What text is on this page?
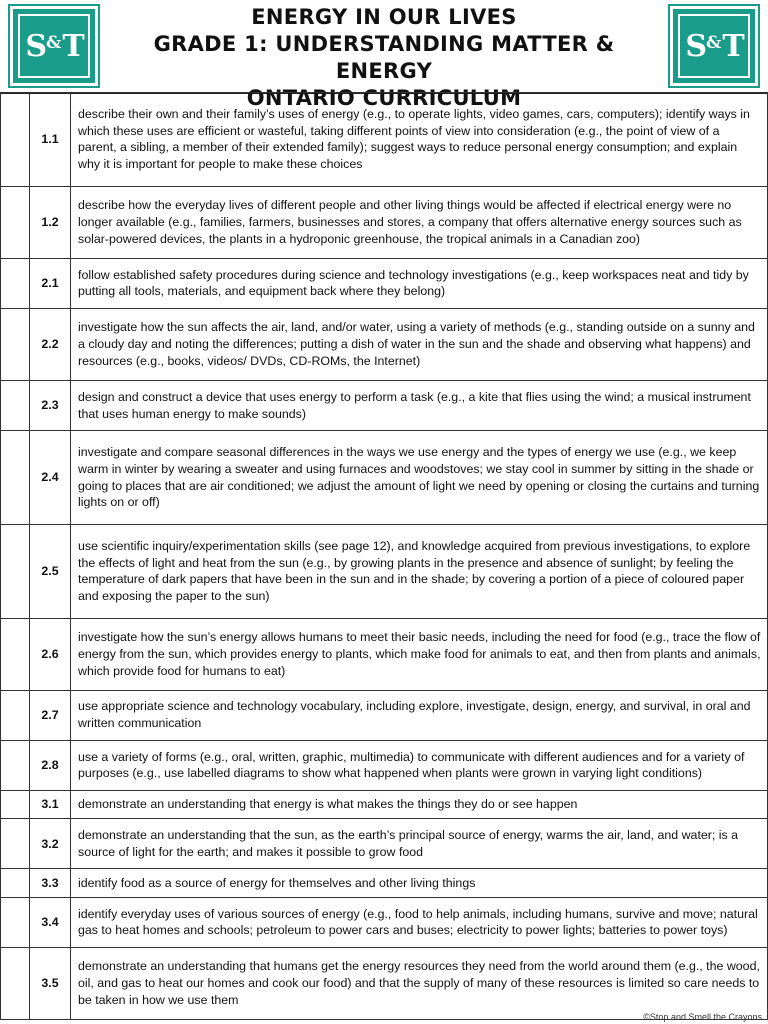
S & T
ENERGY IN OUR LIVES
GRADE 1: UNDERSTANDING MATTER & ENERGY
ONTARIO CURRICULUM
S & T
	1.1	describe their own and their family’s uses of energy (e.g., to operate lights, video games, cars, computers); identify ways in which these uses are efficient or wasteful, taking different points of view into consideration (e.g., the point of view of a parent, a sibling, a member of their extended family); suggest ways to reduce personal energy consumption; and explain why it is important for people to make these choices
	1.2	describe how the everyday lives of different people and other living things would be affected if electrical energy were no longer available (e.g., families, farmers, businesses and stores, a company that offers alternative energy sources such as solar-powered devices, the plants in a hydroponic greenhouse, the tropical animals in a Canadian zoo)
	2.1	follow established safety procedures during science and technology investigations (e.g., keep workspaces neat and tidy by putting all tools, materials, and equipment back where they belong)
	2.2	investigate how the sun affects the air, land, and/or water, using a variety of methods (e.g., standing outside on a sunny and a cloudy day and noting the differences; putting a dish of water in the sun and the shade and observing what happens) and resources (e.g., books, videos/ DVDs, CD-ROMs, the Internet)
	2.3	design and construct a device that uses energy to perform a task (e.g., a kite that flies using the wind; a musical instrument that uses human energy to make sounds)
	2.4	investigate and compare seasonal differences in the ways we use energy and the types of energy we use (e.g., we keep warm in winter by wearing a sweater and using furnaces and woodstoves; we stay cool in summer by sitting in the shade or going to places that are air conditioned; we adjust the amount of light we need by opening or closing the curtains and turning lights on or off)
	2.5	use scientific inquiry/experimentation skills (see page 12), and knowledge acquired from previous investigations, to explore the effects of light and heat from the sun (e.g., by growing plants in the presence and absence of sunlight; by feeling the temperature of dark papers that have been in the sun and in the shade; by covering a portion of a piece of coloured paper and exposing the paper to the sun)
	2.6	investigate how the sun’s energy allows humans to meet their basic needs, including the need for food (e.g., trace the flow of energy from the sun, which provides energy to plants, which make food for animals to eat, and then from plants and animals, which provide food for humans to eat)
	2.7	use appropriate science and technology vocabulary, including explore, investigate, design, energy, and survival, in oral and written communication
	2.8	use a variety of forms (e.g., oral, written, graphic, multimedia) to communicate with different audiences and for a variety of purposes (e.g., use labelled diagrams to show what happened when plants were grown in varying light conditions)
	3.1	demonstrate an understanding that energy is what makes the things they do or see happen
	3.2	demonstrate an understanding that the sun, as the earth’s principal source of energy, warms the air, land, and water; is a source of light for the earth; and makes it possible to grow food
	3.3	identify food as a source of energy for themselves and other living things
	3.4	identify everyday uses of various sources of energy (e.g., food to help animals, including humans, survive and move; natural gas to heat homes and schools; petroleum to power cars and buses; electricity to power lights; batteries to power toys)
	3.5	demonstrate an understanding that humans get the energy resources they need from the world around them (e.g., the wood, oil, and gas to heat our homes and cook our food) and that the supply of many of these resources is limited so care needs to be taken in how we use them
©Stop and Smell the Crayons
